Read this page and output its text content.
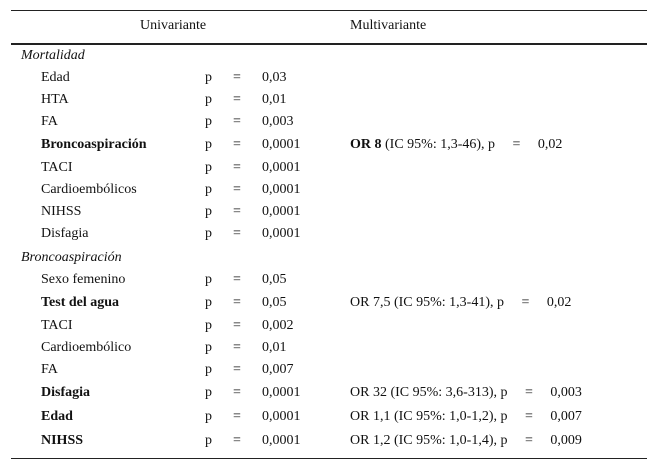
Univariante	Multivariante
Mortalidad
Edad	p = 0,03
HTA	p = 0,01
FA	p = 0,003
Broncoaspiración	p = 0,0001	OR 8 (IC 95%: 1,3-46), p     =     0,02
TACI	p = 0,0001
Cardioembólicos	p = 0,0001
NIHSS	p = 0,0001
Disfagia	p = 0,0001
Broncoaspiración
Sexo femenino	p = 0,05
Test del agua	p = 0,05	OR 7,5 (IC 95%: 1,3-41), p     =     0,02
TACI	p = 0,002
Cardioembólico	p = 0,01
FA	p = 0,007
Disfagia	p = 0,0001	OR 32 (IC 95%: 3,6-313), p     =     0,003
Edad	p = 0,0001	OR 1,1 (IC 95%: 1,0-1,2), p     =     0,007
NIHSS	p = 0,0001	OR 1,2 (IC 95%: 1,0-1,4), p     =     0,009
